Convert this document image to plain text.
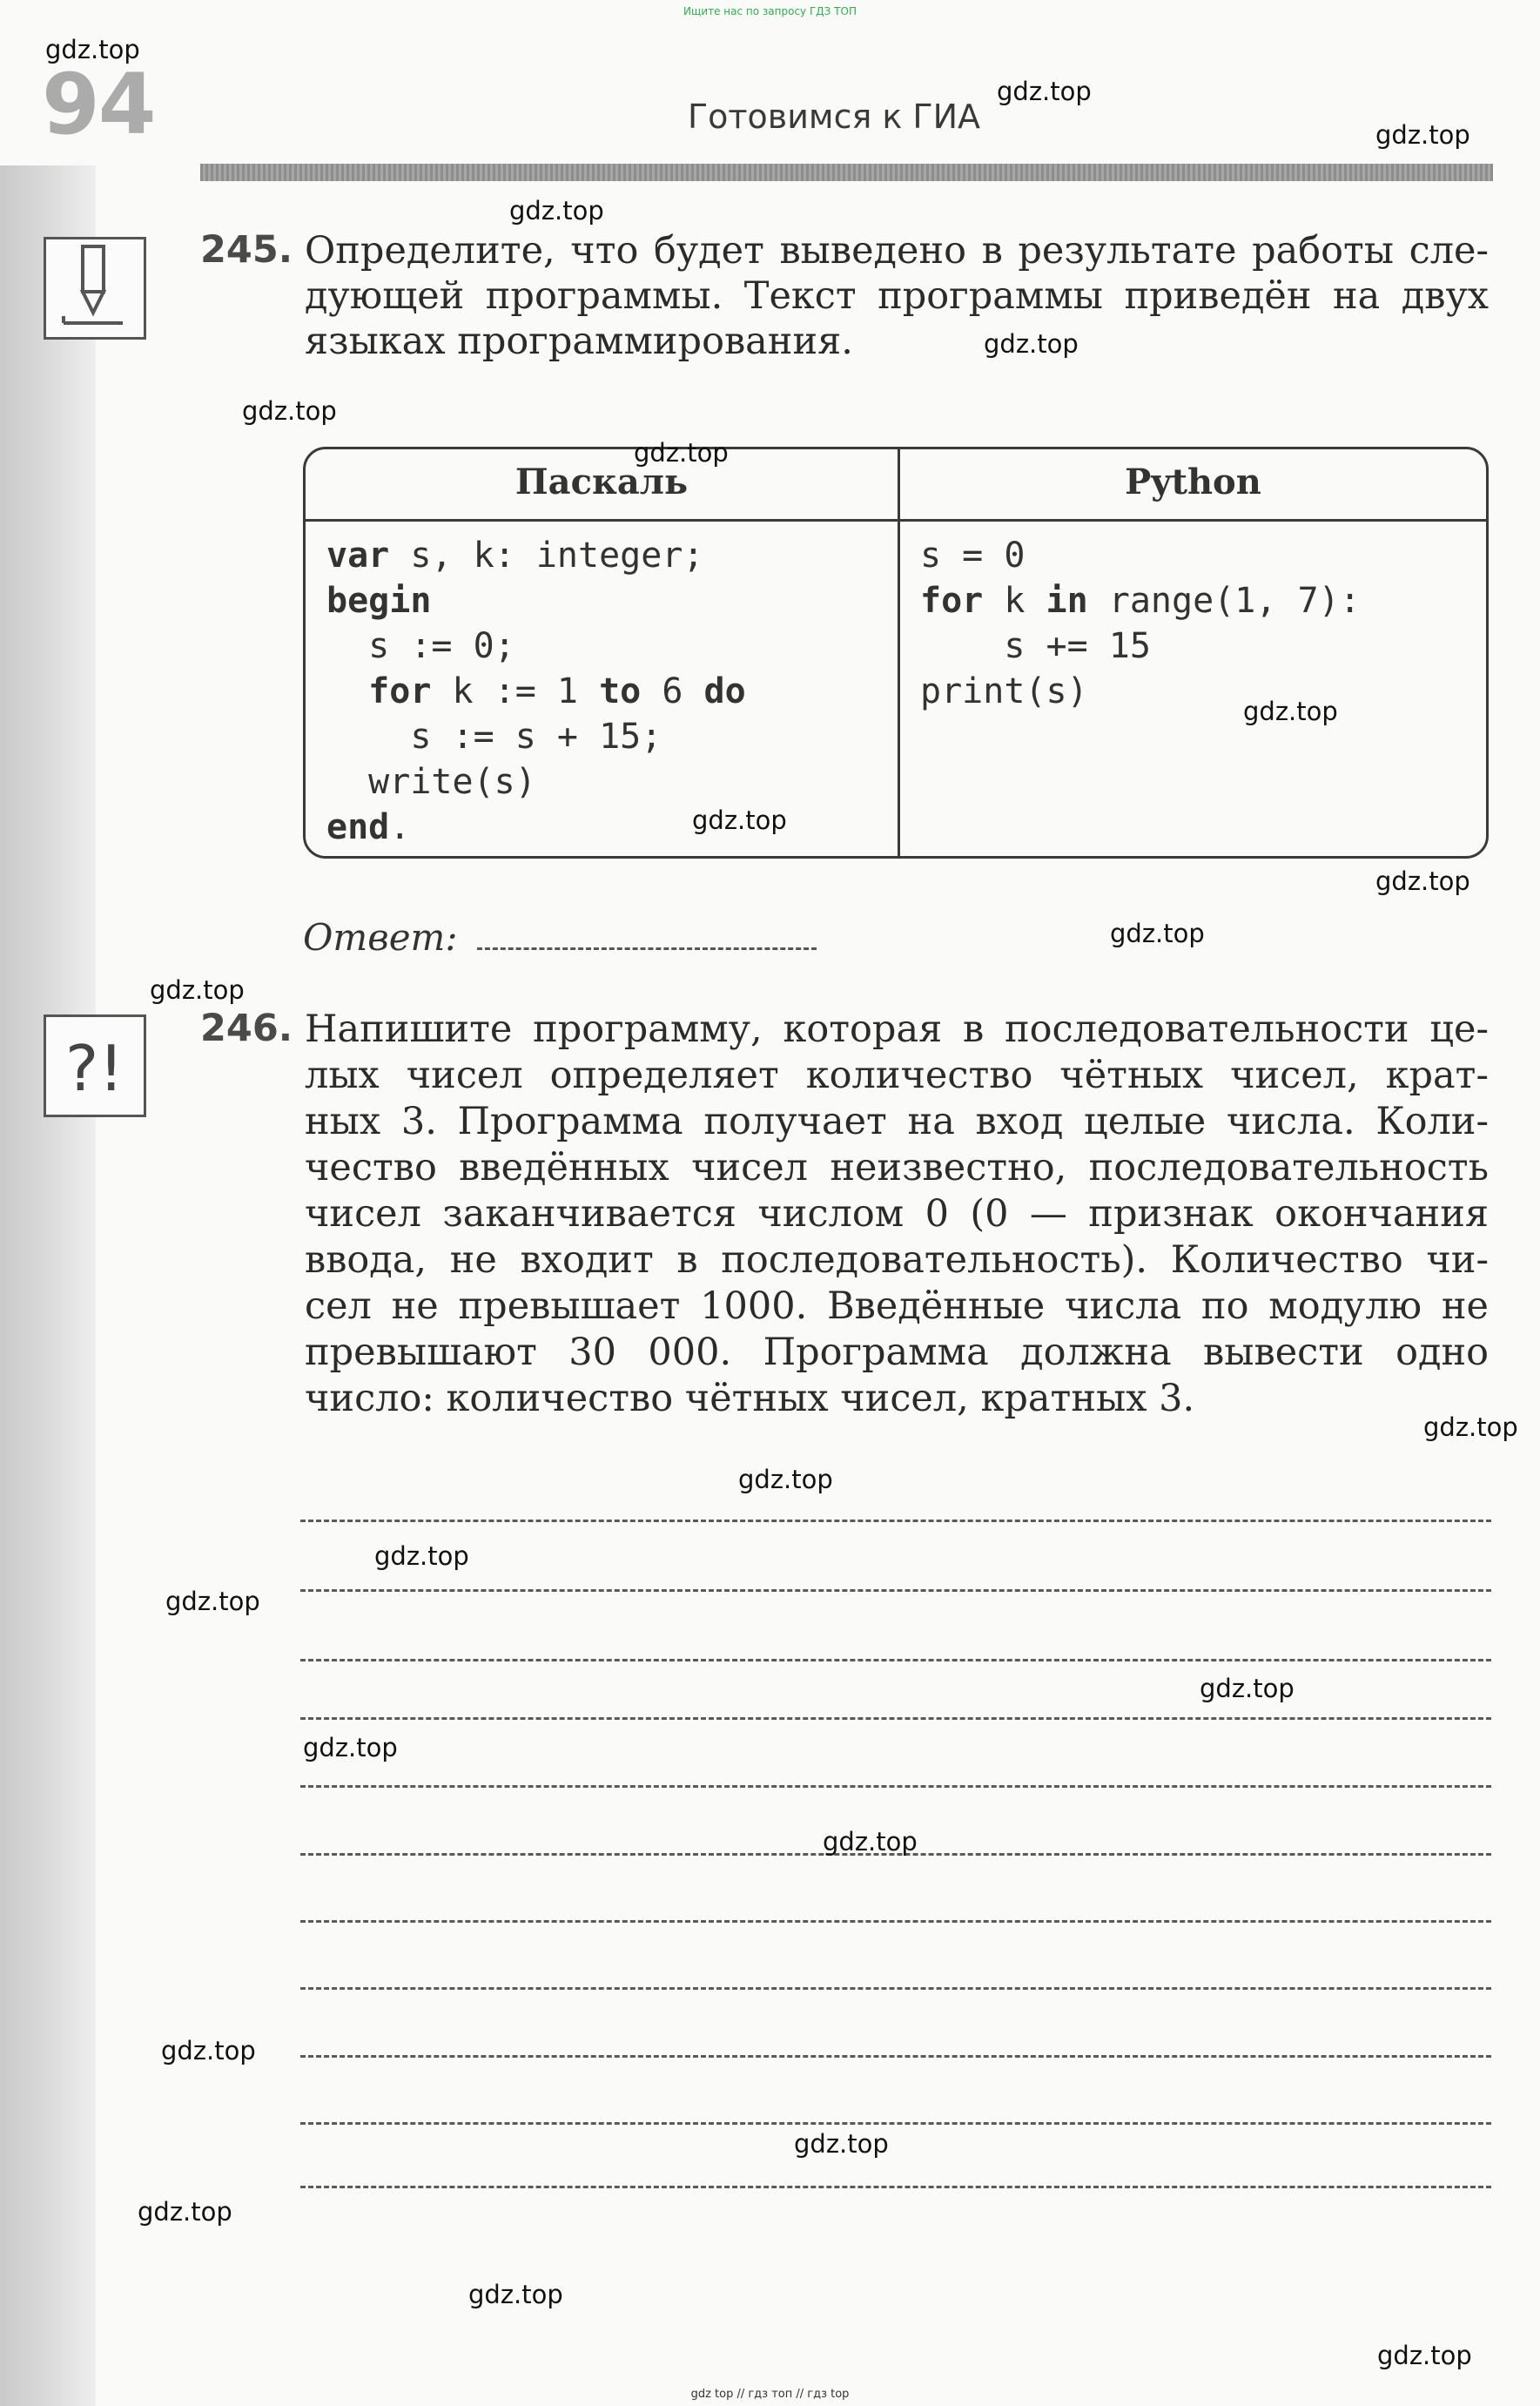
Ищите нас по запросу ГДЗ ТОП
94	Готовимся к ГИА
245. Определите, что будет выведено в результате работы сле-
дующей программы. Текст программы приведён на двух
языках программирования.
Паскаль	Python
var s, k: integer;
begin
s := 0;
for k := 1 to 6 do
s := s + 15;
write(s)
end.
s = 0
for k in range(1, 7):
s += 15
print(s)
Ответ:
?!
246. Напишите программу, которая в последовательности це-
лых чисел определяет количество чётных чисел, крат-
ных 3. Программа получает на вход целые числа. Коли-
чество введённых чисел неизвестно, последовательность
чисел заканчивается числом 0 (0 — признак окончания
ввода, не входит в последовательность). Количество чи-
сел не превышает 1000. Введённые числа по модулю не
превышают 30 000. Программа должна вывести одно
число: количество чётных чисел, кратных 3.
gdz.top
gdz.top
gdz.top
gdz.top
gdz.top
gdz.top
gdz.top
gdz.top
gdz.top
gdz.top
gdz.top
gdz.top
gdz.top
gdz.top
gdz.top
gdz.top
gdz.top
gdz.top
gdz.top
gdz.top
gdz.top
gdz.top
gdz.top
gdz.top
gdz top // гдз топ // гдз top
